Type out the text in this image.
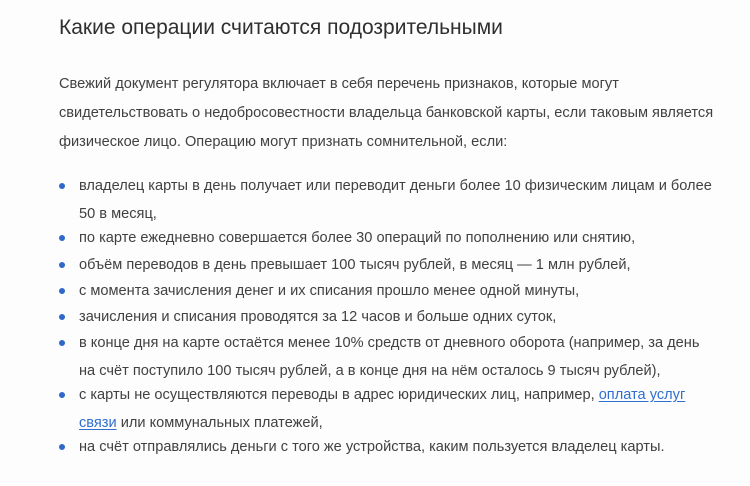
Какие операции считаются подозрительными
Свежий документ регулятора включает в себя перечень признаков, которые могут
свидетельствовать о недобросовестности владельца банковской карты, если таковым является
физическое лицо. Операцию могут признать сомнительной, если:
владелец карты в день получает или переводит деньги более 10 физическим лицам и более
50 в месяц,
по карте ежедневно совершается более 30 операций по пополнению или снятию,
объём переводов в день превышает 100 тысяч рублей, в месяц — 1 млн рублей,
с момента зачисления денег и их списания прошло менее одной минуты,
зачисления и списания проводятся за 12 часов и больше одних суток,
в конце дня на карте остаётся менее 10% средств от дневного оборота (например, за день
на счёт поступило 100 тысяч рублей, а в конце дня на нём осталось 9 тысяч рублей),
с карты не осуществляются переводы в адрес юридических лиц, например, оплата услуг
связи или коммунальных платежей,
на счёт отправлялись деньги с того же устройства, каким пользуется владелец карты.
